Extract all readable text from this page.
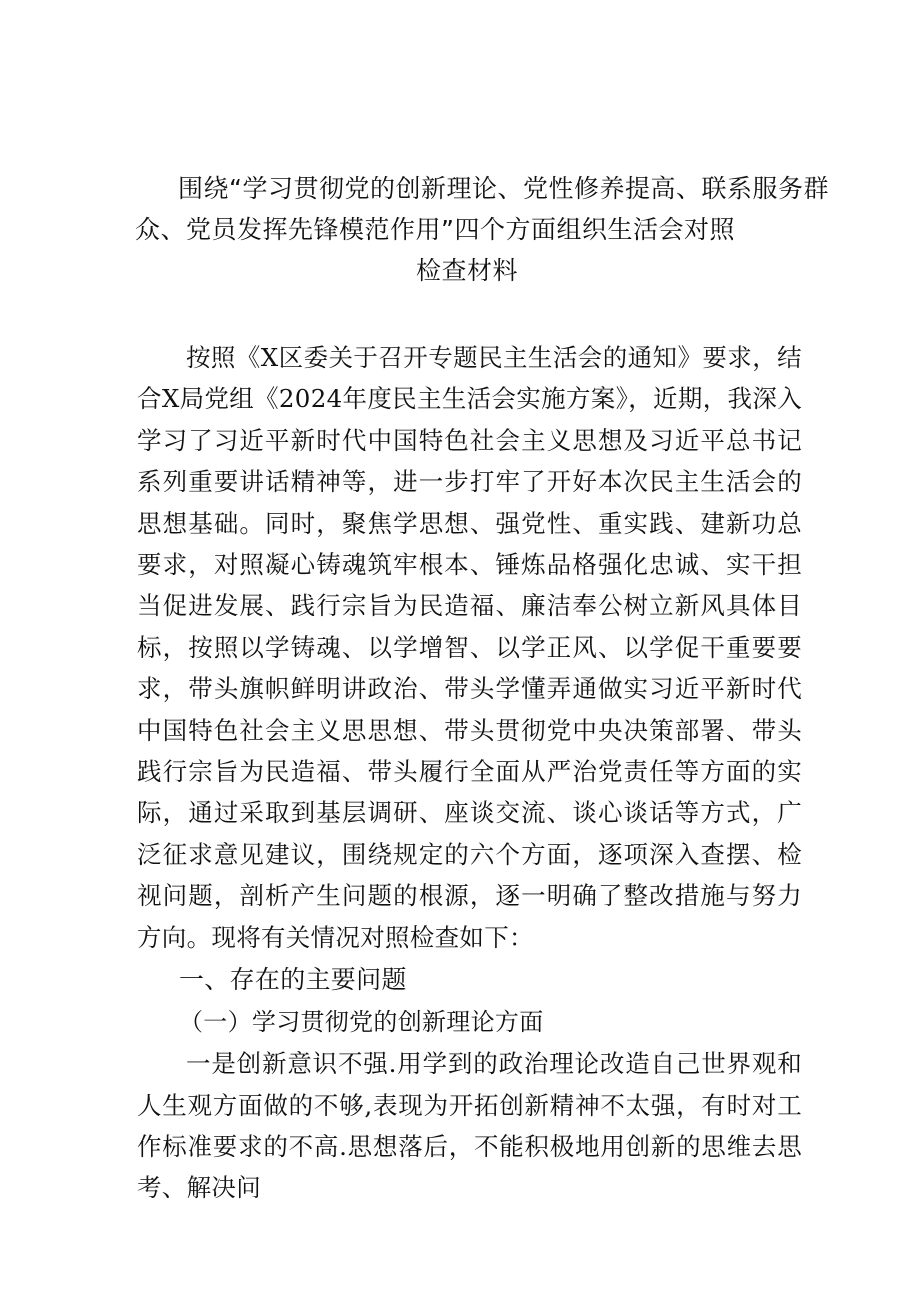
围绕“学习贯彻党的创新理论、党性修养提高、联系服务群
众、党员发挥先锋模范作用”四个方面组织生活会对照
检查材料

按照《X区委关于召开专题民主生活会的通知》要求，结合X局党组《2024年度民主生活会实施方案》，近期，我深入学习了习近平新时代中国特色社会主义思想及习近平总书记系列重要讲话精神等，进一步打牢了开好本次民主生活会的思想基础。同时，聚焦学思想、强党性、重实践、建新功总要求，对照凝心铸魂筑牢根本、锤炼品格强化忠诚、实干担当促进发展、践行宗旨为民造福、廉洁奉公树立新风具体目标，按照以学铸魂、以学增智、以学正风、以学促干重要要求，带头旗帜鲜明讲政治、带头学懂弄通做实习近平新时代中国特色社会主义思思想、带头贯彻党中央决策部署、带头践行宗旨为民造福、带头履行全面从严治党责任等方面的实际，通过采取到基层调研、座谈交流、谈心谈话等方式，广泛征求意见建议，围绕规定的六个方面，逐项深入查摆、检视问题，剖析产生问题的根源，逐一明确了整改措施与努力方向。现将有关情况对照检查如下：

一、存在的主要问题

（一）学习贯彻党的创新理论方面

一是创新意识不强.用学到的政治理论改造自己世界观和人生观方面做的不够,表现为开拓创新精神不太强，有时对工作标准要求的不高.思想落后，不能积极地用创新的思维去思考、解决问
